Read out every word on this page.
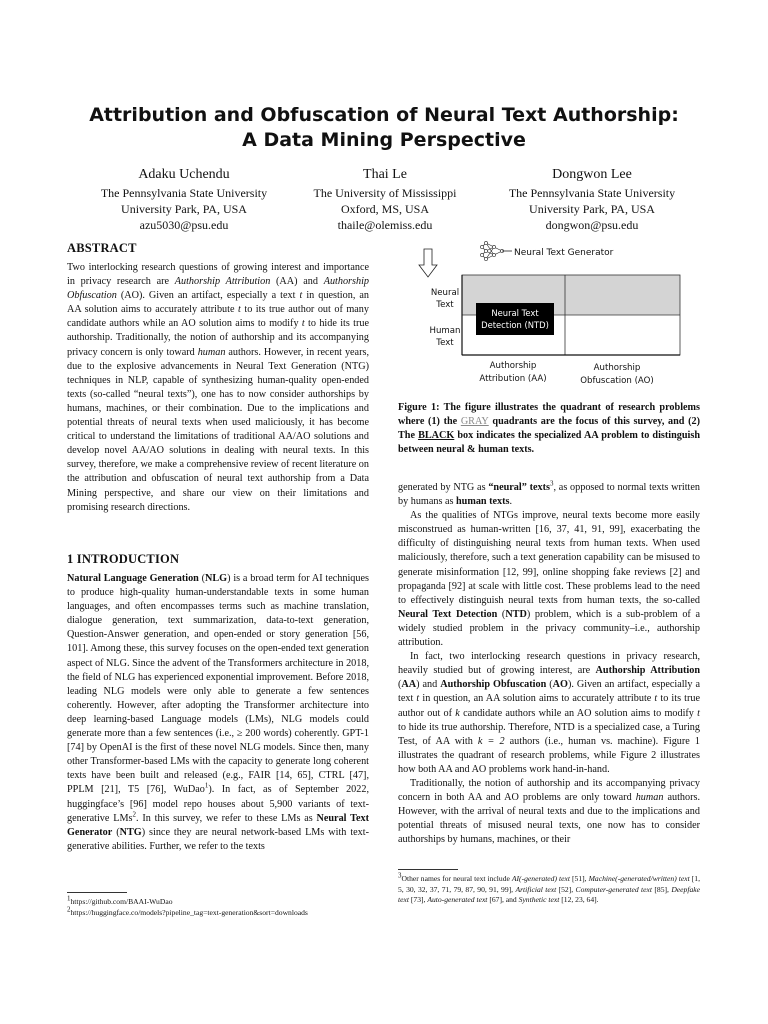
Attribution and Obfuscation of Neural Text Authorship:
A Data Mining Perspective
Adaku Uchendu
The Pennsylvania State University
University Park, PA, USA
azu5030@psu.edu
Thai Le
The University of Mississippi
Oxford, MS, USA
thaile@olemiss.edu
Dongwon Lee
The Pennsylvania State University
University Park, PA, USA
dongwon@psu.edu
ABSTRACT

Two interlocking research questions of growing interest and importance in privacy research are Authorship Attribution (AA) and Authorship Obfuscation (AO). Given an artifact, especially a text t in question, an AA solution aims to accurately attribute t to its true author out of many candidate authors while an AO solution aims to modify t to hide its true authorship. Traditionally, the notion of authorship and its accompanying privacy concern is only toward human authors. However, in recent years, due to the explosive advancements in Neural Text Generation (NTG) techniques in NLP, capable of synthesizing human-quality open-ended texts (so-called “neural texts”), one has to now consider authorships by humans, machines, or their combination. Due to the implications and potential threats of neural texts when used maliciously, it has become critical to understand the limitations of traditional AA/AO solutions and develop novel AA/AO solutions in dealing with neural texts. In this survey, therefore, we make a comprehensive review of recent literature on the attribution and obfuscation of neural text authorship from a Data Mining perspective, and share our view on their limitations and promising research directions.

1 INTRODUCTION

Natural Language Generation (NLG) is a broad term for AI techniques to produce high-quality human-understandable texts in some human languages, and often encompasses terms such as machine translation, dialogue generation, text summarization, data-to-text generation, Question-Answer generation, and open-ended or story generation [56, 101]. Among these, this survey focuses on the open-ended text generation aspect of NLG. Since the advent of the Transformers architecture in 2018, the field of NLG has experienced exponential improvement. Before 2018, leading NLG models were only able to generate a few sentences coherently. However, after adopting the Transformer architecture into deep learning-based Language models (LMs), NLG models could generate more than a few sentences (i.e., ≥ 200 words) coherently. GPT-1 [74] by OpenAI is the first of these novel NLG models. Since then, many other Transformer-based LMs with the capacity to generate long coherent texts have been built and released (e.g., FAIR [14, 65], CTRL [47], PPLM [21], T5 [76], WuDao$^1$). In fact, as of September 2022, huggingface’s [96] model repo houses about 5,900 variants of text-generative LMs$^2$. In this survey, we refer to these LMs as Neural Text Generator (NTG) since they are neural network-based LMs with text-generative abilities. Further, we refer to the texts

$^1$https://github.com/BAAI-WuDao

$^2$https://huggingface.co/models?pipeline_tag=text-generation&sort=downloads

Neural Text Generator
Neural
Text
Human
Text
Neural Text
Detection (NTD)
Authorship
Attribution (AA)
Authorship
Obfuscation (AO)
Figure 1: The figure illustrates the quadrant of research problems where (1) the GRAY quadrants are the focus of this survey, and (2) The BLACK box indicates the specialized AA problem to distinguish between neural & human texts.

generated by NTG as “neural” texts$^3$, as opposed to normal texts written by humans as human texts.

As the qualities of NTGs improve, neural texts become more easily misconstrued as human-written [16, 37, 41, 91, 99], exacerbating the difficulty of distinguishing neural texts from human texts. When used maliciously, therefore, such a text generation capability can be misused to generate misinformation [12, 99], online shopping fake reviews [2] and propaganda [92] at scale with little cost. These problems lead to the need to effectively distinguish neural texts from human texts, the so-called Neural Text Detection (NTD) problem, which is a sub-problem of a widely studied problem in the privacy community–i.e., authorship attribution.

In fact, two interlocking research questions in privacy research, heavily studied but of growing interest, are Authorship Attribution (AA) and Authorship Obfuscation (AO). Given an artifact, especially a text t in question, an AA solution aims to accurately attribute t to its true author out of k candidate authors while an AO solution aims to modify t to hide its true authorship. Therefore, NTD is a specialized case, a Turing Test, of AA with k = 2 authors (i.e., human vs. machine). Figure 1 illustrates the quadrant of research problems, while Figure 2 illustrates how both AA and AO problems work hand-in-hand.

Traditionally, the notion of authorship and its accompanying privacy concern in both AA and AO problems are only toward human authors. However, with the arrival of neural texts and due to the implications and potential threats of misused neural texts, one now has to consider authorships by humans, machines, or their

$^3$Other names for neural text include AI(-generated) text [51], Machine(-generated/written) text [1, 5, 30, 32, 37, 71, 79, 87, 90, 91, 99], Artificial text [52], Computer-generated text [85], Deepfake text [73], Auto-generated text [67], and Synthetic text [12, 23, 64].
